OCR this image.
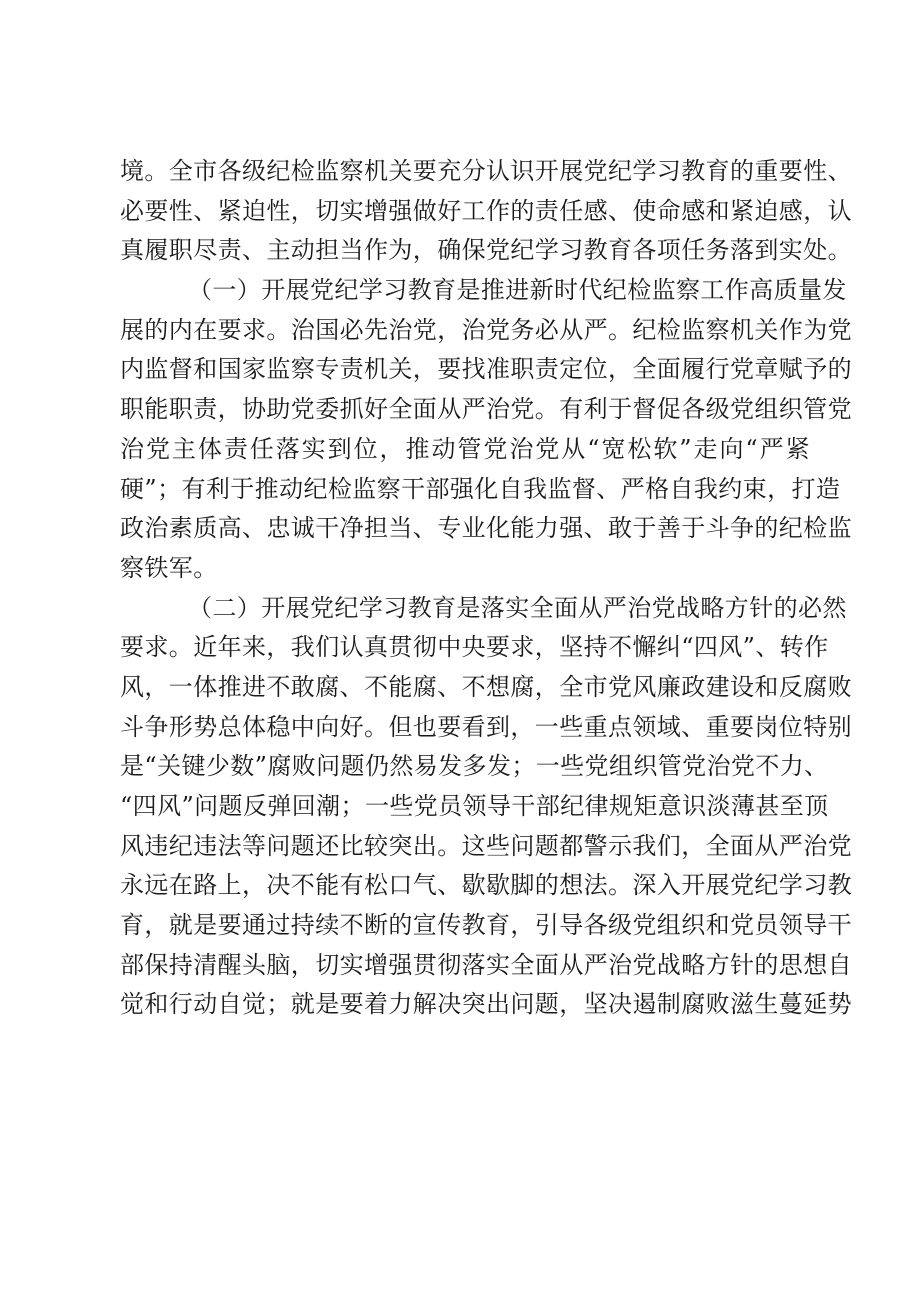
境。全市各级纪检监察机关要充分认识开展党纪学习教育的重要性、
必要性、紧迫性，切实增强做好工作的责任感、使命感和紧迫感，认
真履职尽责、主动担当作为，确保党纪学习教育各项任务落到实处。
（一）开展党纪学习教育是推进新时代纪检监察工作高质量发
展的内在要求。治国必先治党，治党务必从严。纪检监察机关作为党
内监督和国家监察专责机关，要找准职责定位，全面履行党章赋予的
职能职责，协助党委抓好全面从严治党。有利于督促各级党组织管党
治党主体责任落实到位，推动管党治党从“宽松软”走向“严紧
硬”；有利于推动纪检监察干部强化自我监督、严格自我约束，打造
政治素质高、忠诚干净担当、专业化能力强、敢于善于斗争的纪检监
察铁军。
（二）开展党纪学习教育是落实全面从严治党战略方针的必然
要求。近年来，我们认真贯彻中央要求，坚持不懈纠“四风”、转作
风，一体推进不敢腐、不能腐、不想腐，全市党风廉政建设和反腐败
斗争形势总体稳中向好。但也要看到，一些重点领域、重要岗位特别
是“关键少数”腐败问题仍然易发多发；一些党组织管党治党不力、
“四风”问题反弹回潮；一些党员领导干部纪律规矩意识淡薄甚至顶
风违纪违法等问题还比较突出。这些问题都警示我们，全面从严治党
永远在路上，决不能有松口气、歇歇脚的想法。深入开展党纪学习教
育，就是要通过持续不断的宣传教育，引导各级党组织和党员领导干
部保持清醒头脑，切实增强贯彻落实全面从严治党战略方针的思想自
觉和行动自觉；就是要着力解决突出问题，坚决遏制腐败滋生蔓延势
